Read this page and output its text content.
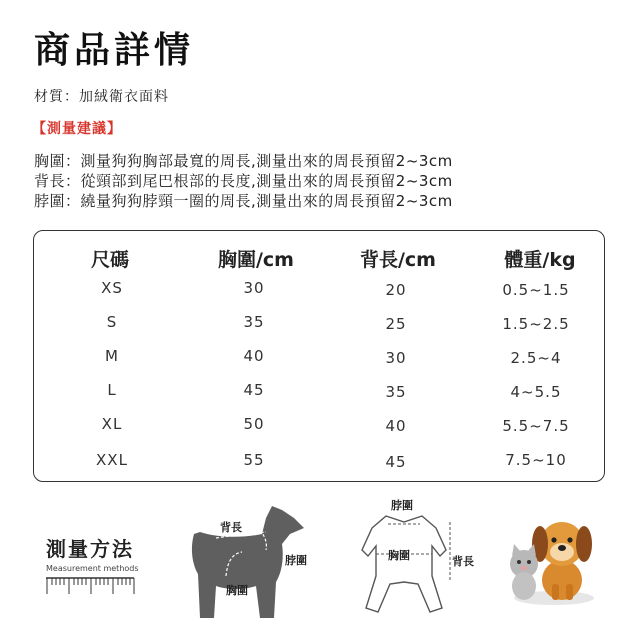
商品詳情
材質：加絨衛衣面料
【測量建議】
胸圍：測量狗狗胸部最寬的周長,測量出來的周長預留2~3cm
背長：從頸部到尾巴根部的長度,測量出來的周長預留2~3cm
脖圍：繞量狗狗脖頸一圈的周長,測量出來的周長預留2~3cm
尺碼	胸圍/cm	背長/cm	體重/kg
XS	30	20	0.5~1.5
S	35	25	1.5~2.5
M	40	30	2.5~4
L	45	35	4~5.5
XL	50	40	5.5~7.5
XXL	55	45	7.5~10
測量方法
Measurement methods
背長
脖圍
胸圍
脖圍
胸圍	背長
